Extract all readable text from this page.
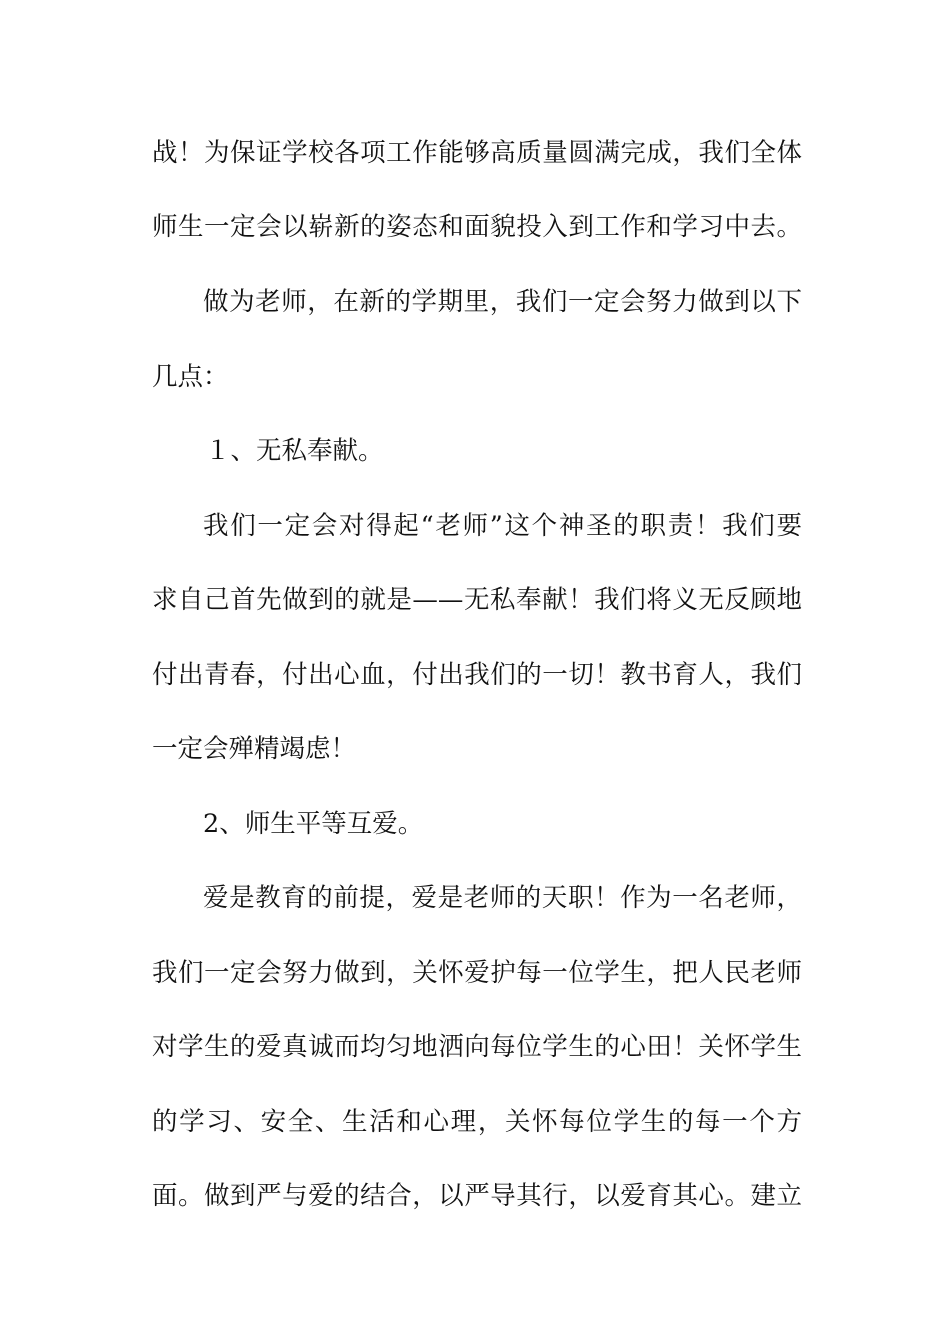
战！为保证学校各项工作能够高质量圆满完成，我们全体
师生一定会以崭新的姿态和面貌投入到工作和学习中去。
做为老师，在新的学期里，我们一定会努力做到以下
几点：
１、无私奉献。
我们一定会对得起“老师”这个神圣的职责！我们要
求自己首先做到的就是——无私奉献！我们将义无反顾地
付出青春，付出心血，付出我们的一切！教书育人，我们
一定会殚精竭虑！
2、师生平等互爱。
爱是教育的前提，爱是老师的天职！作为一名老师，
我们一定会努力做到，关怀爱护每一位学生，把人民老师
对学生的爱真诚而均匀地洒向每位学生的心田！关怀学生
的学习、安全、生活和心理，关怀每位学生的每一个方
面。做到严与爱的结合，以严导其行，以爱育其心。建立
